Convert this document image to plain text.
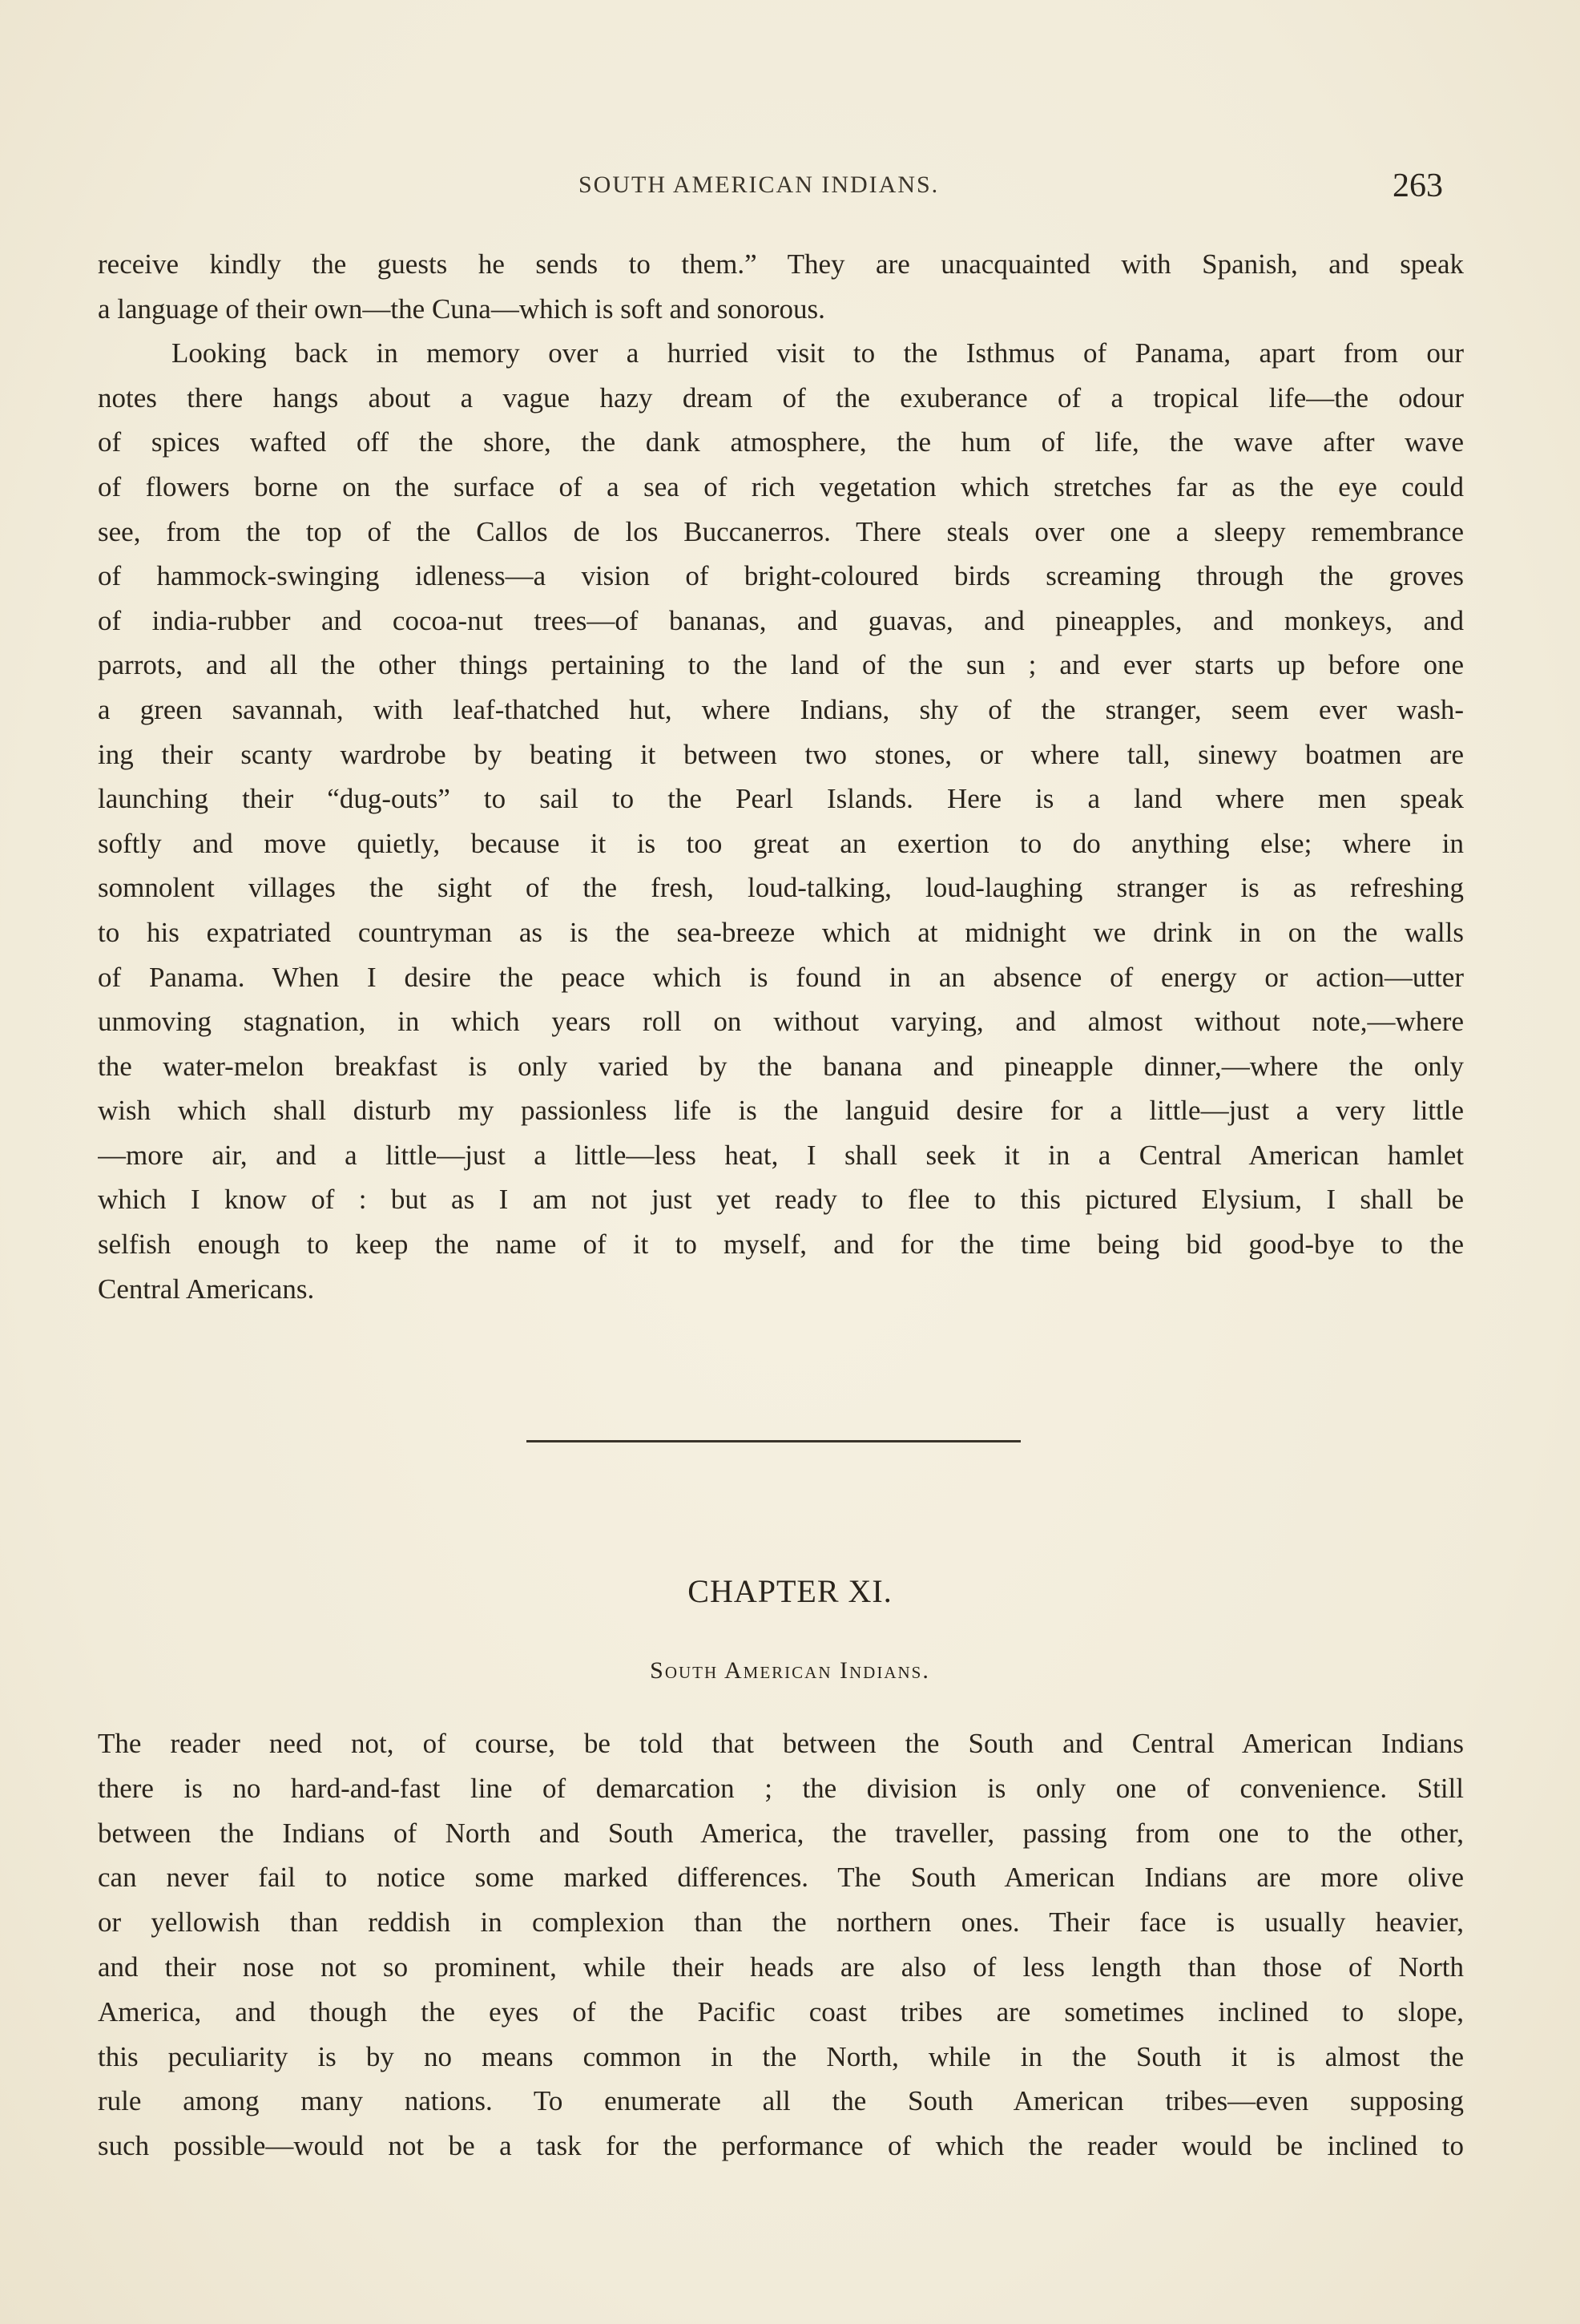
SOUTH AMERICAN INDIANS.	263
receive kindly the guests he sends to them.” They are unacquainted with Spanish, and speak
a language of their own—the Cuna—which is soft and sonorous.
Looking back in memory over a hurried visit to the Isthmus of Panama, apart from our
notes there hangs about a vague hazy dream of the exuberance of a tropical life—the odour
of spices wafted off the shore, the dank atmosphere, the hum of life, the wave after wave
of flowers borne on the surface of a sea of rich vegetation which stretches far as the eye could
see, from the top of the Callos de los Buccanerros. There steals over one a sleepy remembrance
of hammock-swinging idleness—a vision of bright-coloured birds screaming through the groves
of india-rubber and cocoa-nut trees—of bananas, and guavas, and pineapples, and monkeys, and
parrots, and all the other things pertaining to the land of the sun ; and ever starts up before one
a green savannah, with leaf-thatched hut, where Indians, shy of the stranger, seem ever wash-
ing their scanty wardrobe by beating it between two stones, or where tall, sinewy boatmen are
launching their “dug-outs” to sail to the Pearl Islands. Here is a land where men speak
softly and move quietly, because it is too great an exertion to do anything else; where in
somnolent villages the sight of the fresh, loud-talking, loud-laughing stranger is as refreshing
to his expatriated countryman as is the sea-breeze which at midnight we drink in on the walls
of Panama. When I desire the peace which is found in an absence of energy or action—utter
unmoving stagnation, in which years roll on without varying, and almost without note,—where
the water-melon breakfast is only varied by the banana and pineapple dinner,—where the only
wish which shall disturb my passionless life is the languid desire for a little—just a very little
—more air, and a little—just a little—less heat, I shall seek it in a Central American hamlet
which I know of : but as I am not just yet ready to flee to this pictured Elysium, I shall be
selfish enough to keep the name of it to myself, and for the time being bid good-bye to the
Central Americans.
CHAPTER XI.
South American Indians.
The reader need not, of course, be told that between the South and Central American Indians
there is no hard-and-fast line of demarcation ; the division is only one of convenience. Still
between the Indians of North and South America, the traveller, passing from one to the other,
can never fail to notice some marked differences. The South American Indians are more olive
or yellowish than reddish in complexion than the northern ones. Their face is usually heavier,
and their nose not so prominent, while their heads are also of less length than those of North
America, and though the eyes of the Pacific coast tribes are sometimes inclined to slope,
this peculiarity is by no means common in the North, while in the South it is almost the
rule among many nations. To enumerate all the South American tribes—even supposing
such possible—would not be a task for the performance of which the reader would be inclined to
